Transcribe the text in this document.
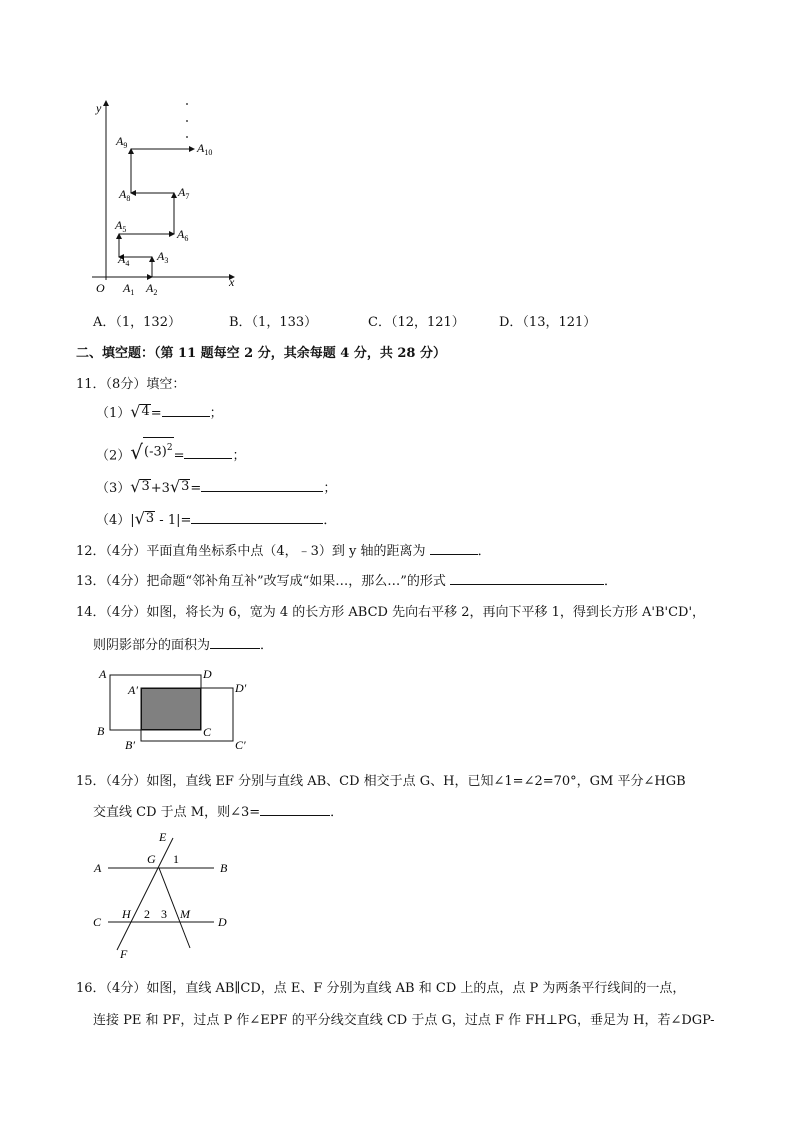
y
x
O $A_1$ $A_2$
$A_3$
$A_4$
$A_5$	$A_6$
$A_7$
$A_8$
$A_9$	$A_{10}$
A．（1，132）	B．（1，133）	C．（12，121）	D．（13，121）
二、填空题：（第 11 题每空 2 分，其余每题 4 分，共 28 分）
11．（8分）填空：
（1） √ 4 =	；
（2） √ $(-3)^2$
=	；
（3） √ 3 +3 √ 3 =	；
（4）| √ 3 - 1|=	．
12．（4分）平面直角坐标系中点（4，﹣3）到 y 轴的距离为	．
13．（4分）把命题“邻补角互补”改写成“如果…，那么…”的形式	．
14．（4分）如图，将长为 6，宽为 4 的长方形 ABCD 先向右平移 2，再向下平移 1，得到长方形 A'B'CD'，
则阴影部分的面积为	．
A
B
D
C
A′
B′	C′
D′
15．（4分）如图，直线 EF 分别与直线 AB、CD 相交于点 G、H，已知∠1=∠2=70°，GM 平分∠HGB
交直线 CD 于点 M，则∠3=	．
E
G 1
A	B
C
H 2 3 M
D
F
16．（4分）如图，直线 AB∥CD，点 E、F 分别为直线 AB 和 CD 上的点，点 P 为两条平行线间的一点，
连接 PE 和 PF，过点 P 作∠EPF 的平分线交直线 CD 于点 G，过点 F 作 FH⊥PG，垂足为 H，若∠DGP-
